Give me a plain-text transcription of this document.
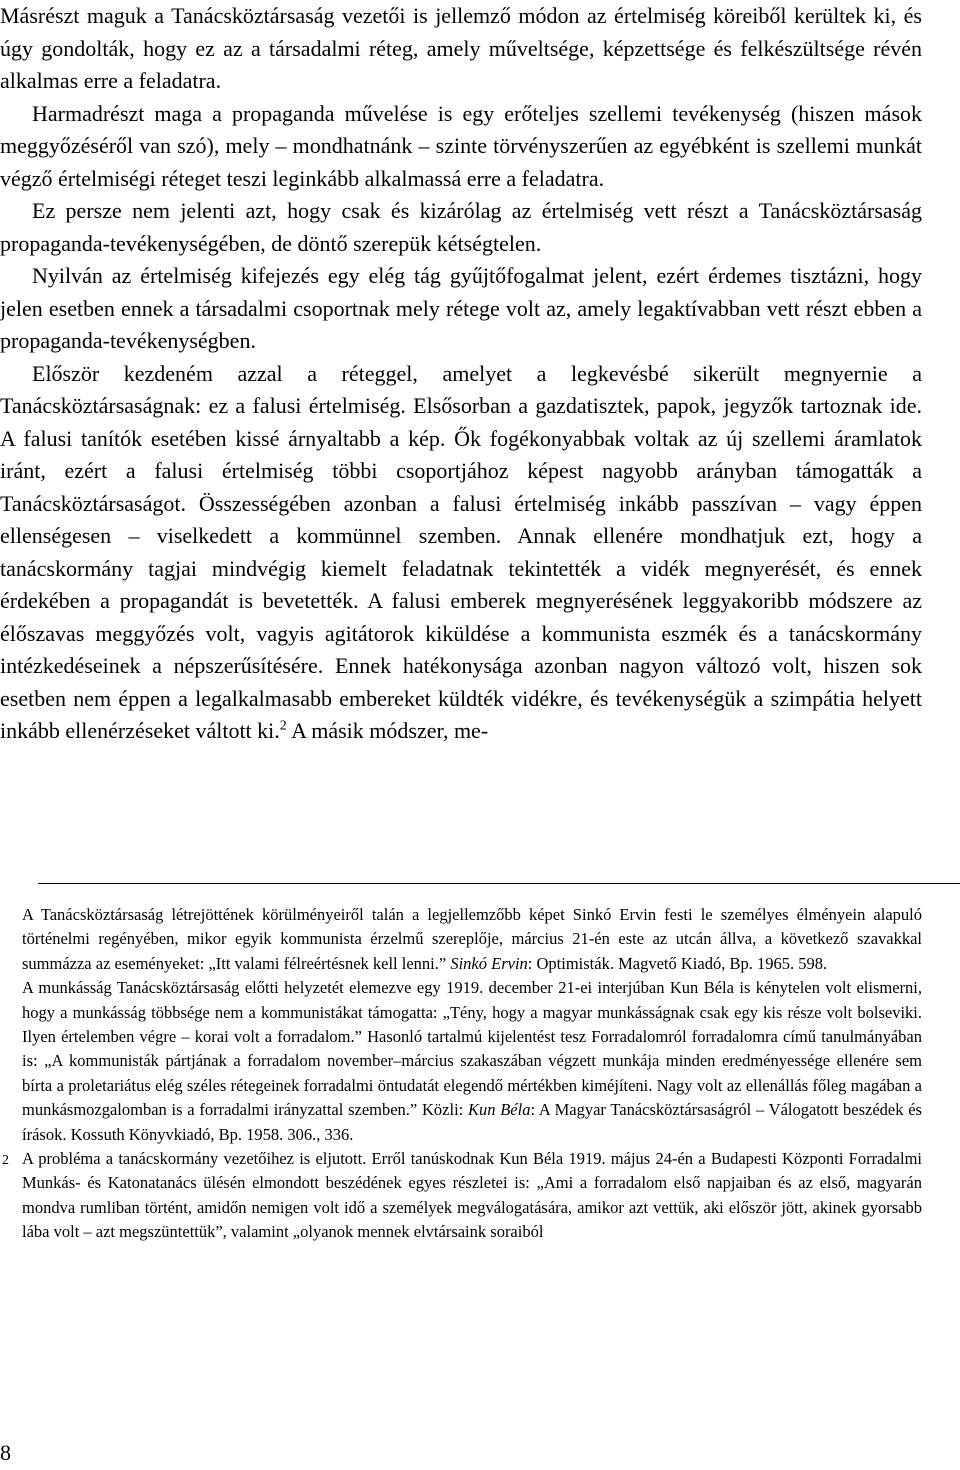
Másrészt maguk a Tanácsköztársaság vezetői is jellemző módon az értelmiség köreiből kerültek ki, és úgy gondolták, hogy ez az a társadalmi réteg, amely műveltsége, képzettsége és felkészültsége révén alkalmas erre a feladatra.

Harmadrészt maga a propaganda művelése is egy erőteljes szellemi tevékenység (hiszen mások meggyőzéséről van szó), mely – mondhatnánk – szinte törvényszerűen az egyébként is szellemi munkát végző értelmiségi réteget teszi leginkább alkalmassá erre a feladatra.

Ez persze nem jelenti azt, hogy csak és kizárólag az értelmiség vett részt a Tanácsköztársaság propaganda-tevékenységében, de döntő szerepük kétségtelen.

Nyilván az értelmiség kifejezés egy elég tág gyűjtőfogalmat jelent, ezért érdemes tisztázni, hogy jelen esetben ennek a társadalmi csoportnak mely rétege volt az, amely legaktívabban vett részt ebben a propaganda-tevékenységben.

Először kezdeném azzal a réteggel, amelyet a legkevésbé sikerült megnyernie a Tanácsköztársaságnak: ez a falusi értelmiség. Elsősorban a gazdatisztek, papok, jegyzők tartoznak ide. A falusi tanítók esetében kissé árnyaltabb a kép. Ők fogékonyabbak voltak az új szellemi áramlatok iránt, ezért a falusi értelmiség többi csoportjához képest nagyobb arányban támogatták a Tanácsköztársaságot. Összességében azonban a falusi értelmiség inkább passzívan – vagy éppen ellenségesen – viselkedett a kommünnel szemben. Annak ellenére mondhatjuk ezt, hogy a tanácskormány tagjai mindvégig kiemelt feladatnak tekintették a vidék megnyerését, és ennek érdekében a propagandát is bevetették. A falusi emberek megnyerésének leggyakoribb módszere az élőszavas meggyőzés volt, vagyis agitátorok kiküldése a kommunista eszmék és a tanácskormány intézkedéseinek a népszerűsítésére. Ennek hatékonysága azonban nagyon változó volt, hiszen sok esetben nem éppen a legalkalmasabb embereket küldték vidékre, és tevékenységük a szimpátia helyett inkább ellenérzéseket váltott ki.$^2$ A másik módszer, me-

A Tanácsköztársaság létrejöttének körülményeiről talán a legjellemzőbb képet Sinkó Ervin festi le személyes élményein alapuló történelmi regényében, mikor egyik kommunista érzelmű szereplője, március 21-én este az utcán állva, a következő szavakkal summázza az eseményeket: „Itt valami félreértésnek kell lenni.” Sinkó Ervin: Optimisták. Magvető Kiadó, Bp. 1965. 598.

A munkásság Tanácsköztársaság előtti helyzetét elemezve egy 1919. december 21-ei interjúban Kun Béla is kénytelen volt elismerni, hogy a munkásság többsége nem a kommunistákat támogatta: „Tény, hogy a magyar munkásságnak csak egy kis része volt bolseviki. Ilyen értelemben végre – korai volt a forradalom.” Hasonló tartalmú kijelentést tesz Forradalomról forradalomra című tanulmányában is: „A kommunisták pártjának a forradalom november–március szakaszában végzett munkája minden eredményessége ellenére sem bírta a proletariátus elég széles rétegeinek forradalmi öntudatát elegendő mértékben kiméjíteni. Nagy volt az ellenállás főleg magában a munkásmozgalomban is a forradalmi irányzattal szemben.” Közli: Kun Béla: A Magyar Tanácsköztársaságról – Válogatott beszédek és írások. Kossuth Könyvkiadó, Bp. 1958. 306., 336.

2 A probléma a tanácskormány vezetőihez is eljutott. Erről tanúskodnak Kun Béla 1919. május 24-én a Budapesti Központi Forradalmi Munkás- és Katonatanács ülésén elmondott beszédének egyes részletei is: „Ami a forradalom első napjaiban és az első, magyarán mondva rumliban történt, amidőn nemigen volt idő a személyek megválogatására, amikor azt vettük, aki először jött, akinek gyorsabb lába volt – azt megszüntettük”, valamint „olyanok mennek elvtársaink soraiból

8
